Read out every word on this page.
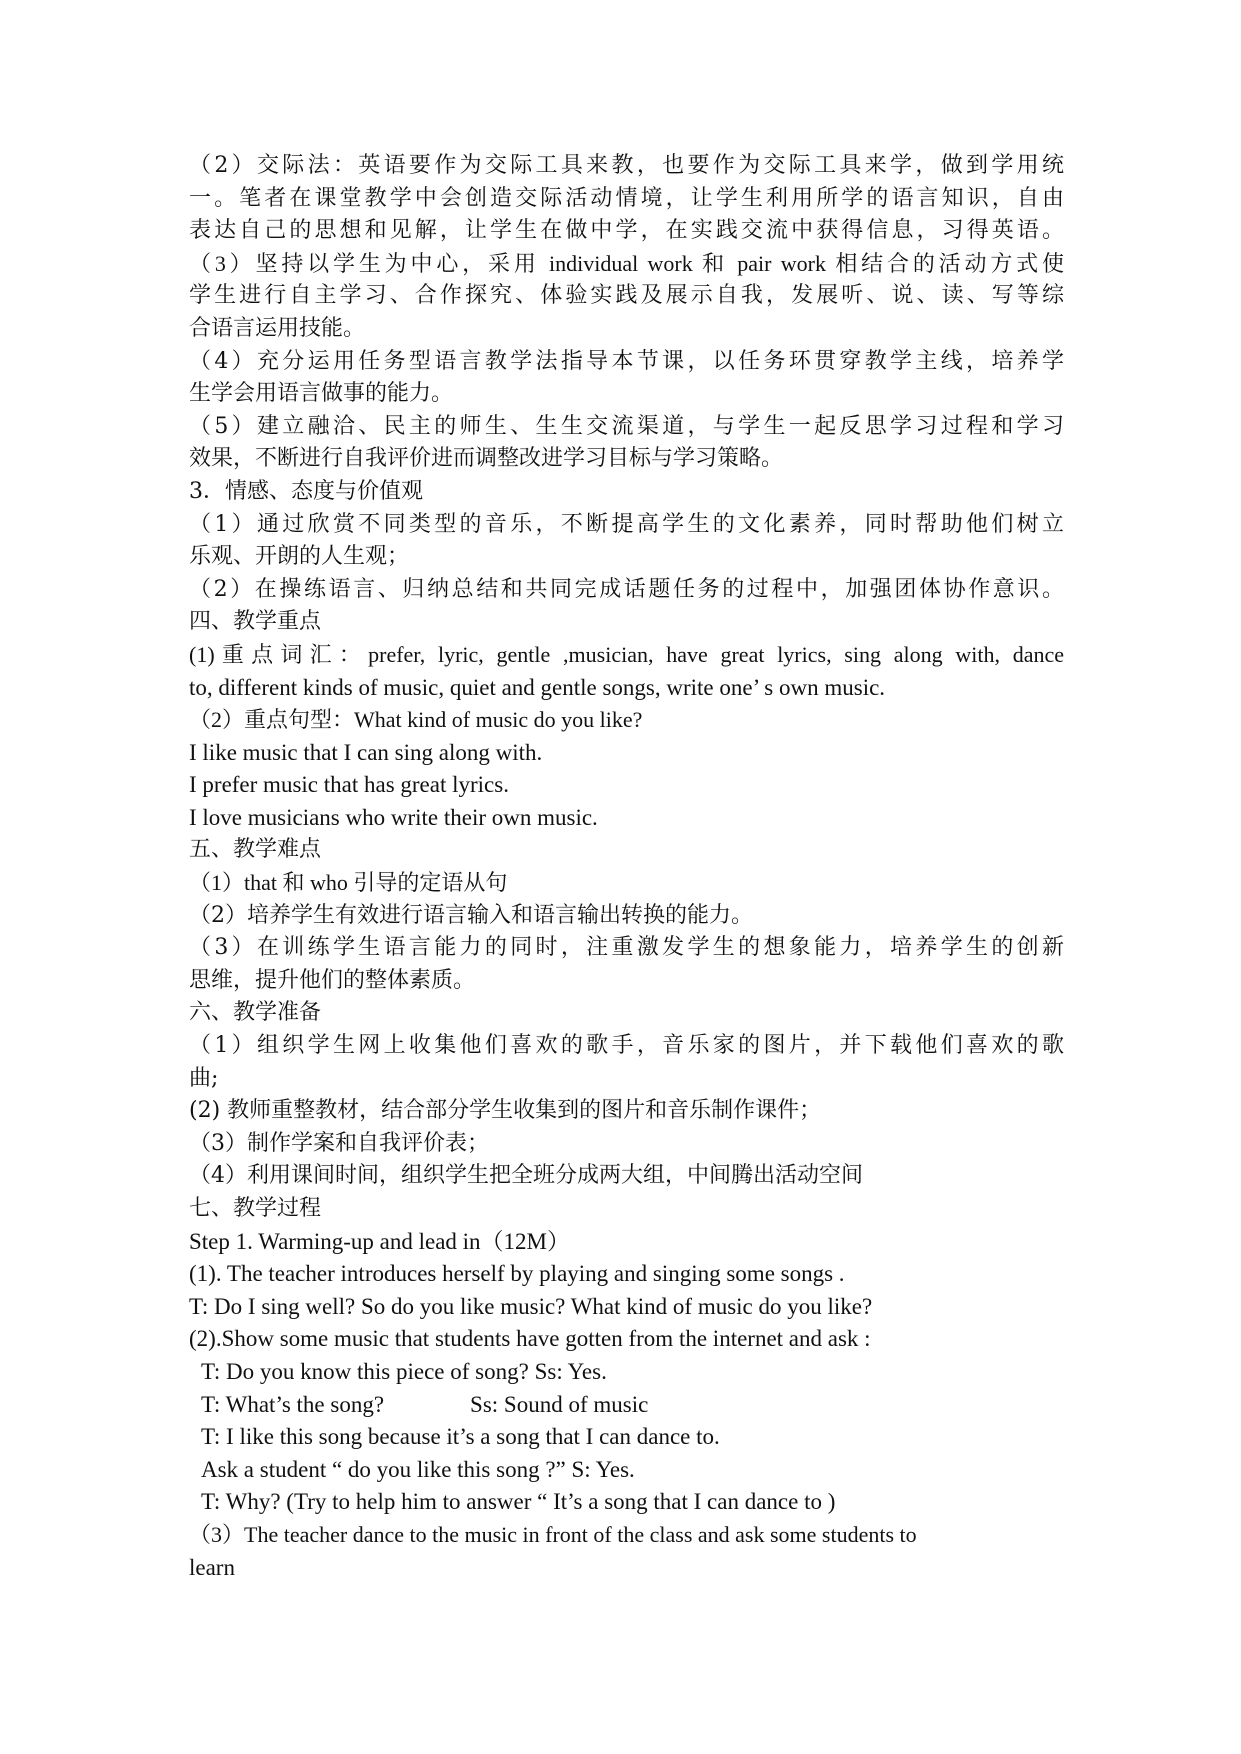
（2）交际法：英语要作为交际工具来教，也要作为交际工具来学，做到学用统
一。笔者在课堂教学中会创造交际活动情境，让学生利用所学的语言知识，自由
表达自己的思想和见解，让学生在做中学，在实践交流中获得信息，习得英语。
（3）坚持以学生为中心，采用 individual work 和 pair work 相结合的活动方式使
学生进行自主学习、合作探究、体验实践及展示自我，发展听、说、读、写等综
合语言运用技能。
（4）充分运用任务型语言教学法指导本节课，以任务环贯穿教学主线，培养学
生学会用语言做事的能力。
（5）建立融洽、民主的师生、生生交流渠道，与学生一起反思学习过程和学习
效果，不断进行自我评价进而调整改进学习目标与学习策略。
3．情感、态度与价值观
（1）通过欣赏不同类型的音乐，不断提高学生的文化素养，同时帮助他们树立
乐观、开朗的人生观；
（2）在操练语言、归纳总结和共同完成话题任务的过程中，加强团体协作意识。
四、教学重点
(1)重点词汇：prefer, lyric, gentle ,musician, have great lyrics, sing along with, dance
to, different kinds of music, quiet and gentle songs, write one’ s own music.
（2）重点句型：What kind of music do you like?
I like music that I can sing along with.
I prefer music that has great lyrics.
I love musicians who write their own music.
五、教学难点
（1）that 和 who 引导的定语从句
（2）培养学生有效进行语言输入和语言输出转换的能力。
（3）在训练学生语言能力的同时，注重激发学生的想象能力，培养学生的创新
思维，提升他们的整体素质。
六、教学准备
（1）组织学生网上收集他们喜欢的歌手，音乐家的图片，并下载他们喜欢的歌
曲;
(2) 教师重整教材，结合部分学生收集到的图片和音乐制作课件；
（3）制作学案和自我评价表；
（4）利用课间时间，组织学生把全班分成两大组，中间腾出活动空间
七、教学过程
Step 1. Warming-up and lead in（12M）
(1). The teacher introduces herself by playing and singing some songs .
T: Do I sing well? So do you like music? What kind of music do you like?
(2).Show some music that students have gotten from the internet and ask :
T: Do you know this piece of song? Ss: Yes.
T: What’s the song?	Ss: Sound of music
T: I like this song because it’s a song that I can dance to.
Ask a student “ do you like this song ?” S: Yes.
T: Why? (Try to help him to answer “ It’s a song that I can dance to )
（3）The teacher dance to the music in front of the class and ask some students to
learn
